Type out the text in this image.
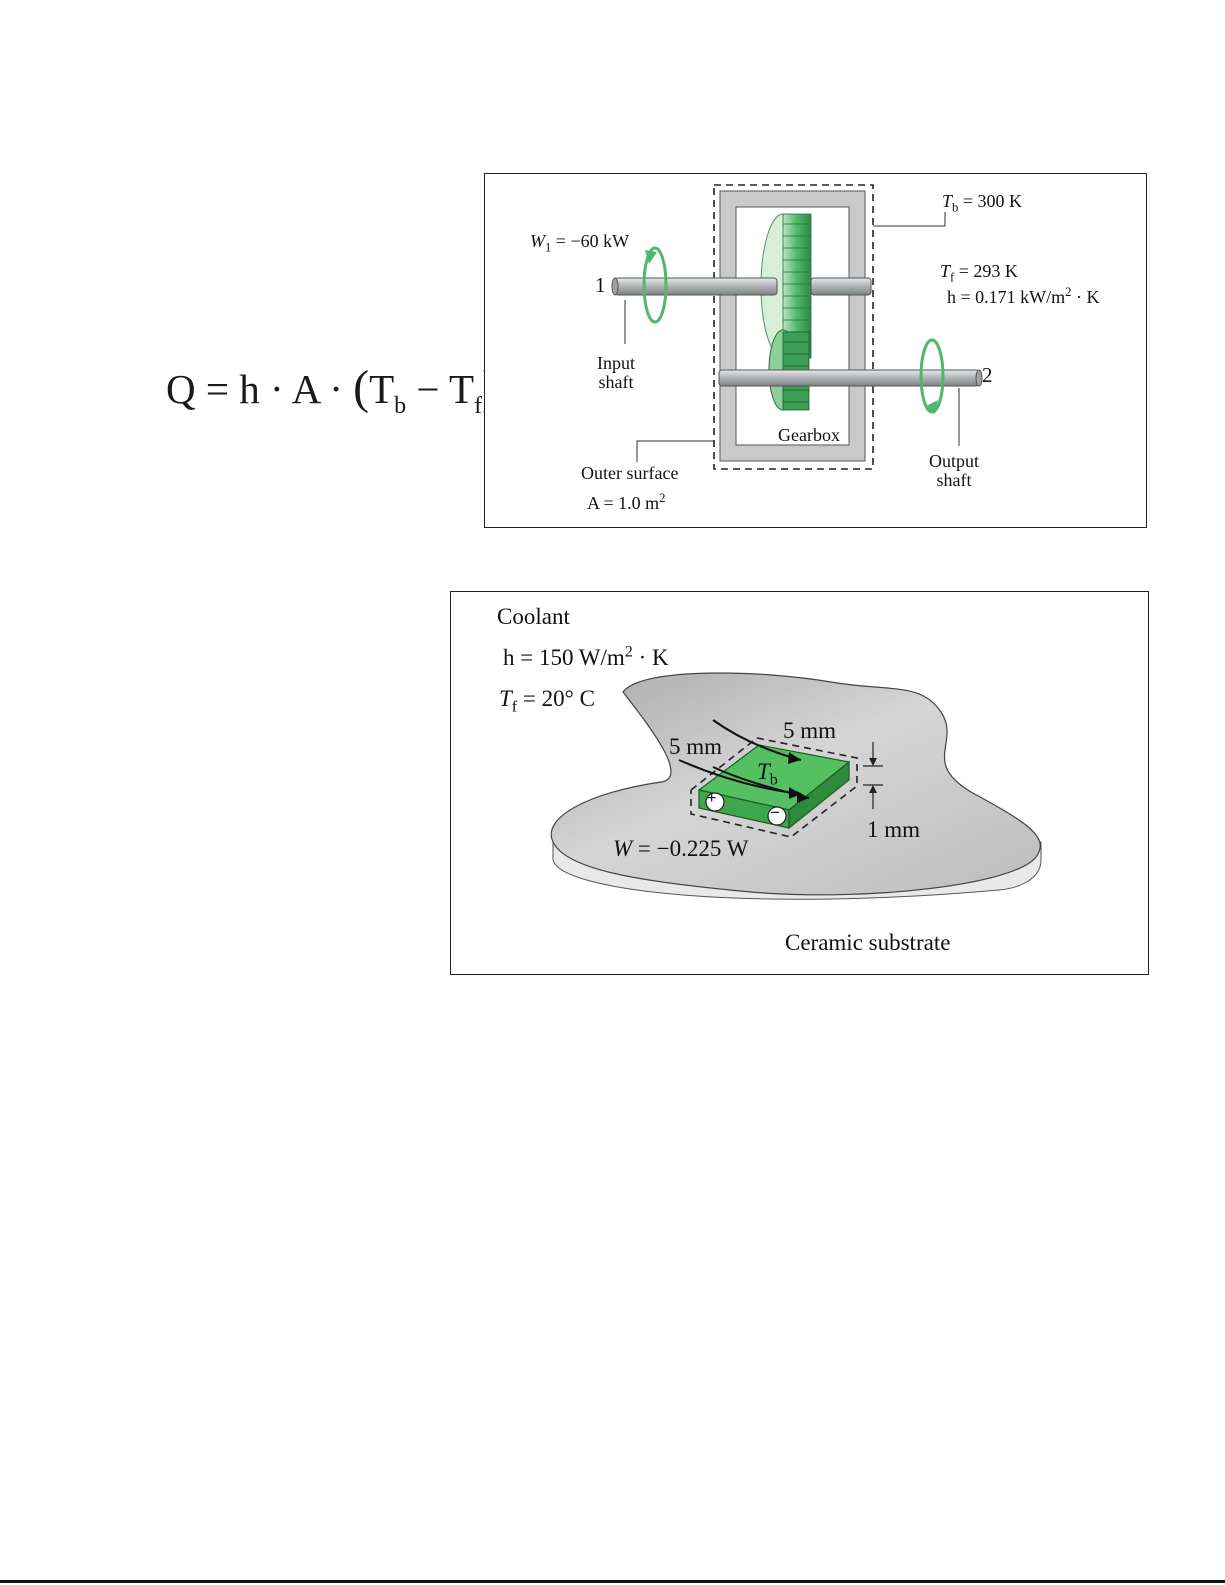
$Q = h \cdot A \cdot (T_b - T_f$
$W_1 = -60$ kW
1
2
$T_b = 300$ K
$T_f = 293$ K
h = 0.171 $kW/m^2 \cdot K$
Input
shaft
Gearbox
Outer surface
A = 1.0 $m^2$
Output
shaft
Coolant
h = 150 $W/m^2 \cdot K$
$T_f = 20^\circ$ C
5 mm
5 mm
$T_b$
1 mm
+
−
W = −0.225 W
Ceramic substrate
